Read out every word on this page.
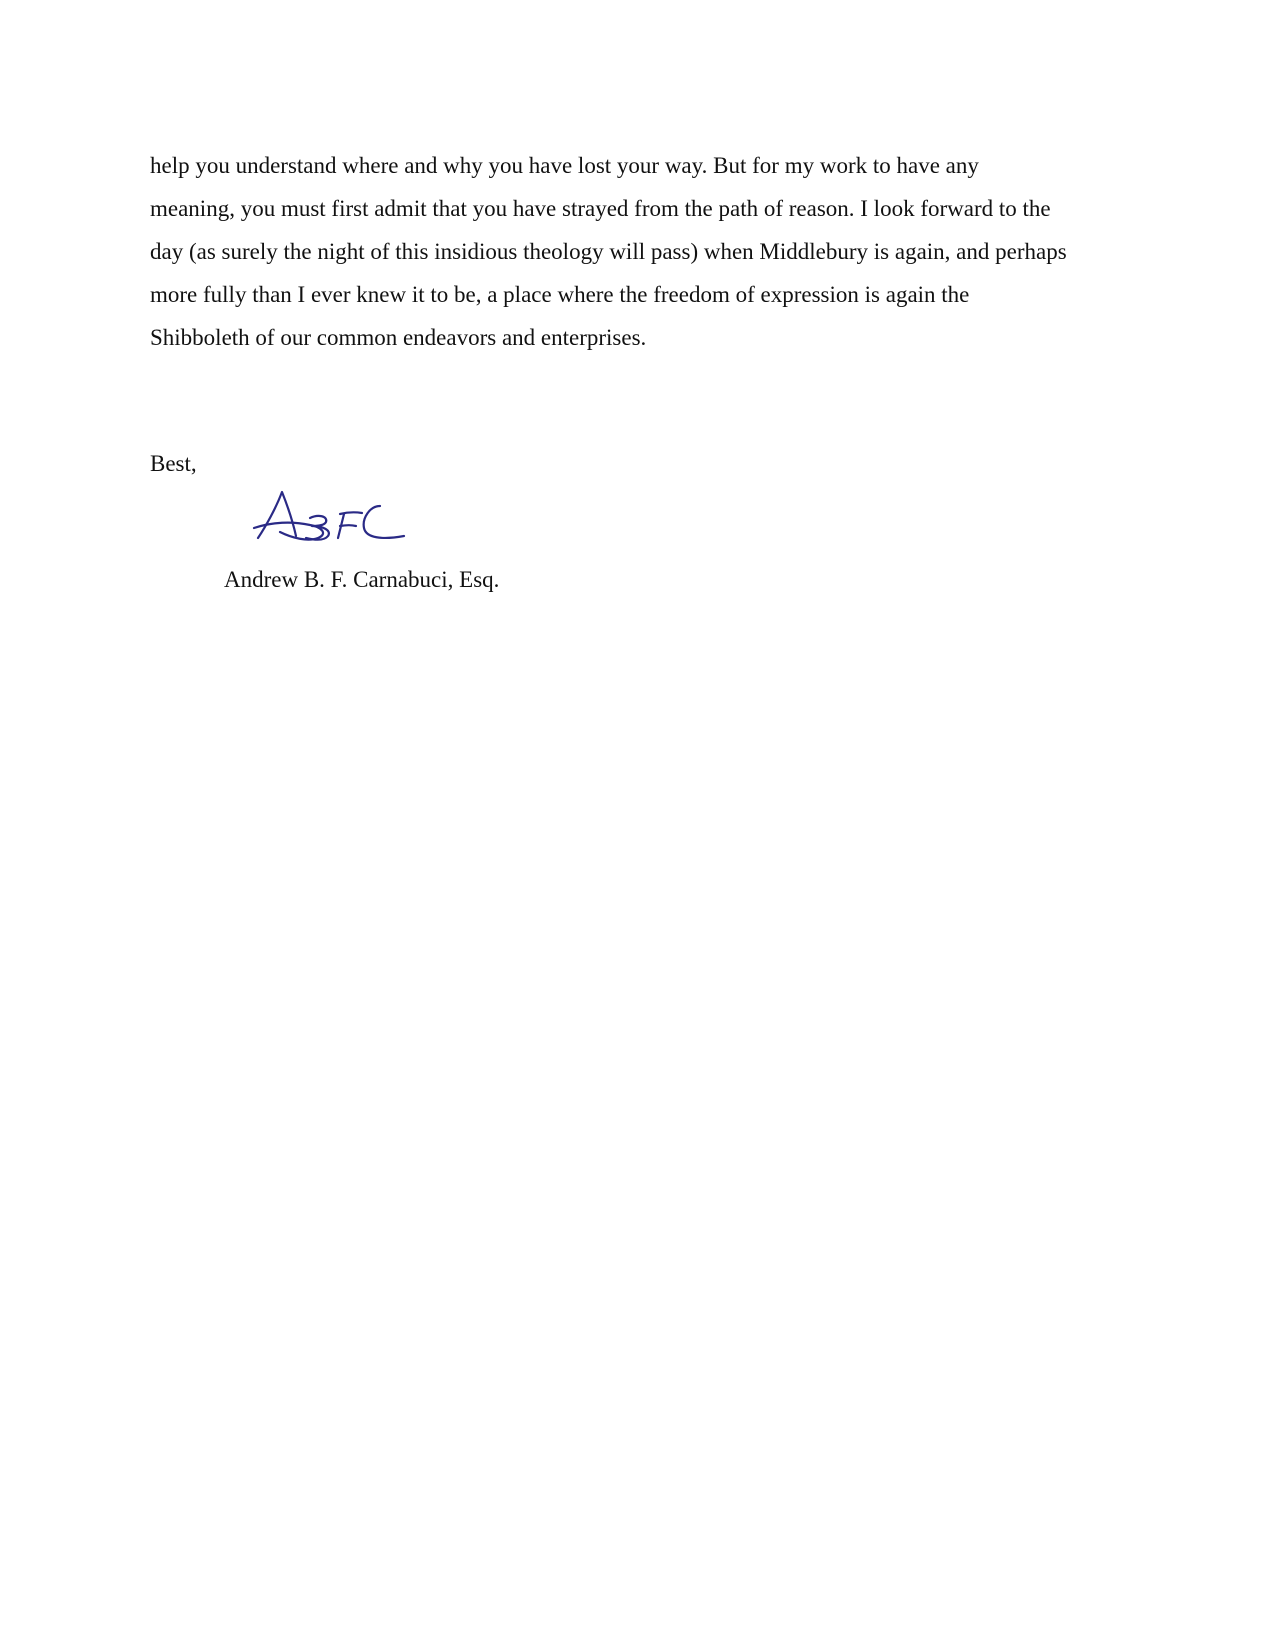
help you understand where and why you have lost your way. But for my work to have any
meaning, you must first admit that you have strayed from the path of reason. I look forward to the
day (as surely the night of this insidious theology will pass) when Middlebury is again, and perhaps
more fully than I ever knew it to be, a place where the freedom of expression is again the
Shibboleth of our common endeavors and enterprises.

Best,

Andrew B. F. Carnabuci, Esq.
